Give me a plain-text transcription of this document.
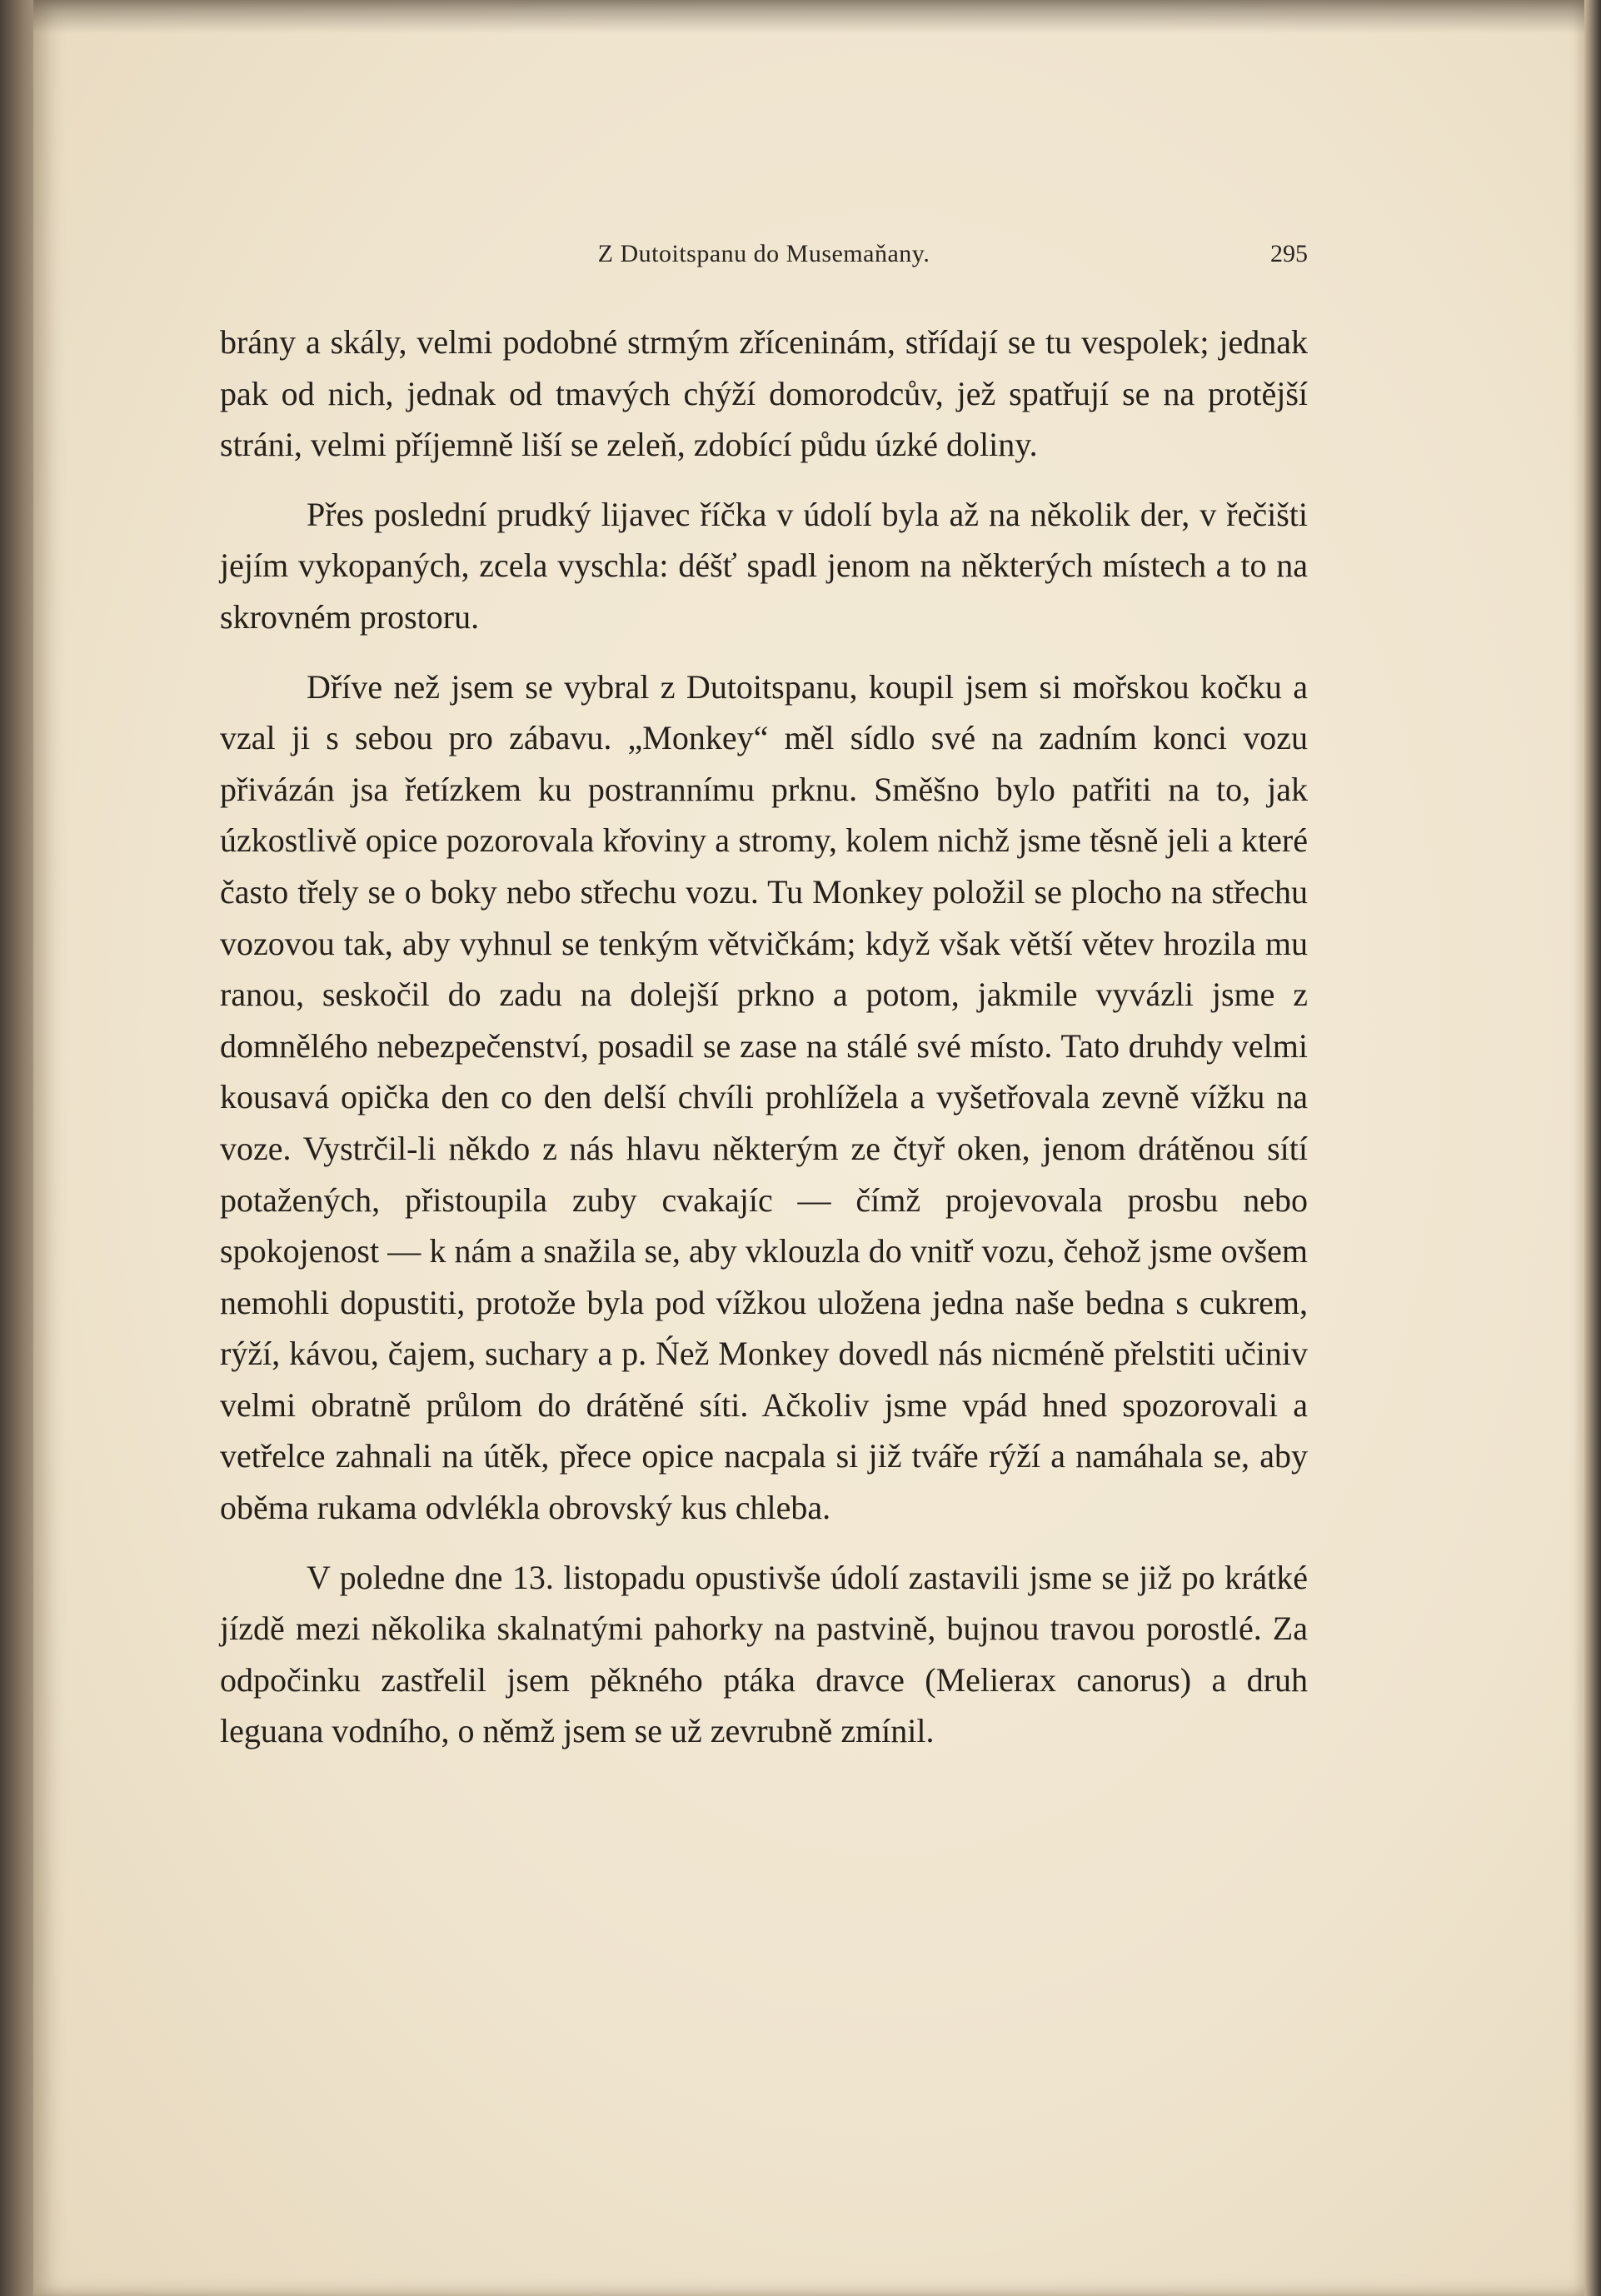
Z Dutoitspanu do Musemaňany.	295

brány a skály, velmi podobné strmým zříceninám, střídají se tu vespolek; jednak pak od nich, jednak od tmavých chýží domorodcův, jež spatřují se na protější stráni, velmi příjemně liší se zeleň, zdobící půdu úzké doliny.

Přes poslední prudký lijavec říčka v údolí byla až na několik der, v řečišti jejím vykopaných, zcela vyschla: déšť spadl jenom na některých místech a to na skrovném prostoru.

Dříve než jsem se vybral z Dutoitspanu, koupil jsem si mořskou kočku a vzal ji s sebou pro zábavu. „Monkey“ měl sídlo své na zadním konci vozu přivázán jsa řetízkem ku postrannímu prknu. Směšno bylo patřiti na to, jak úzkostlivě opice pozorovala křoviny a stromy, kolem nichž jsme těsně jeli a které často třely se o boky nebo střechu vozu. Tu Monkey položil se plocho na střechu vozovou tak, aby vyhnul se tenkým větvičkám; když však větší větev hrozila mu ranou, seskočil do zadu na dolejší prkno a potom, jakmile vyvázli jsme z domnělého nebezpečenství, posadil se zase na stálé své místo. Tato druhdy velmi kousavá opička den co den delší chvíli prohlížela a vyšetřovala zevně vížku na voze. Vystrčil-li někdo z nás hlavu některým ze čtyř oken, jenom drátěnou sítí potažených, přistoupila zuby cvakajíc — čímž projevovala prosbu nebo spokojenost — k nám a snažila se, aby vklouzla do vnitř vozu, čehož jsme ovšem nemohli dopustiti, protože byla pod vížkou uložena jedna naše bedna s cukrem, rýží, kávou, čajem, suchary a p. Ńež Monkey dovedl nás nicméně přelstiti učiniv velmi obratně průlom do drátěné síti. Ačkoliv jsme vpád hned spozorovali a vetřelce zahnali na útěk, přece opice nacpala si již tváře rýží a namáhala se, aby oběma rukama odvlékla obrovský kus chleba.

V poledne dne 13. listopadu opustivše údolí zastavili jsme se již po krátké jízdě mezi několika skalnatými pahorky na pastvině, bujnou travou porostlé. Za odpočinku zastřelil jsem pěkného ptáka dravce (Melierax canorus) a druh leguana vodního, o němž jsem se už zevrubně zmínil.
